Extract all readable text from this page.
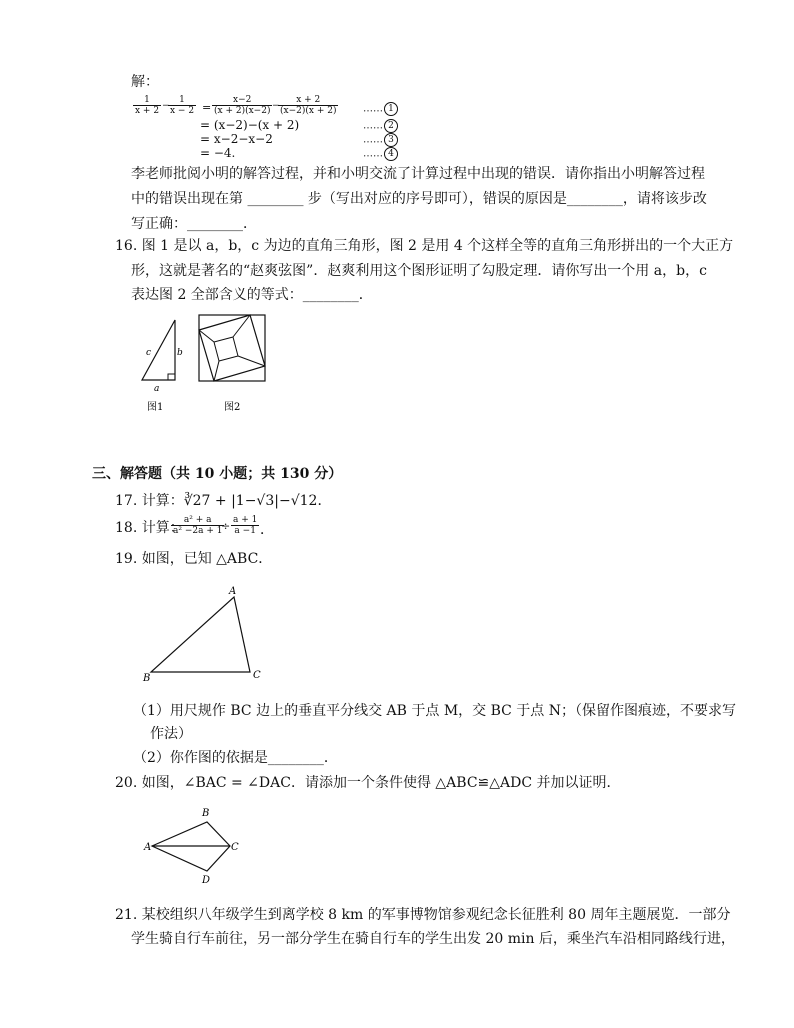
解：
$\frac{1}{x + 2}$ −
$\frac{1}{x - 2} = \frac{x-2}{(x + 2)(x-2)}$ −
$\frac{x + 2}{(x-2)(x + 2)}$
= (x−2)−(x + 2)
= x−2−x−2
= −4.
…… 1
…… 2
…… 3
…… 4
李老师批阅小明的解答过程，并和小明交流了计算过程中出现的错误．请你指出小明解答过程
中的错误出现在第 ________ 步（写出对应的序号即可），错误的原因是________，请将该步改
写正确：________．
16. 图 1 是以 a，b，c 为边的直角三角形，图 2 是用 4 个这样全等的直角三角形拼出的一个大正方
形，这就是著名的“赵爽弦图”．赵爽利用这个图形证明了勾股定理．请你写出一个用 a，b，c
表达图 2 全部含义的等式：________．
c	b
a
图1	图2
三、解答题（共 10 小题；共 130 分）
17. 计算：∛27 + |1−√3|−√12．
18. 计算：
$\frac{\text{a² + a}}{\text{a² −2a + 1}}$
÷ $\frac{a + 1}{a -1}$ ．
19. 如图，已知 △ABC．
A
B	C
（1）用尺规作 BC 边上的垂直平分线交 AB 于点 M，交 BC 于点 N；（保留作图痕迹，不要求写
作法）
（2）你作图的依据是________．
20. 如图，∠BAC = ∠DAC．请添加一个条件使得 △ABC≌△ADC 并加以证明．
A
B
C
D
21. 某校组织八年级学生到离学校 8 km 的军事博物馆参观纪念长征胜利 80 周年主题展览．一部分
学生骑自行车前往，另一部分学生在骑自行车的学生出发 20 min 后，乘坐汽车沿相同路线行进，
